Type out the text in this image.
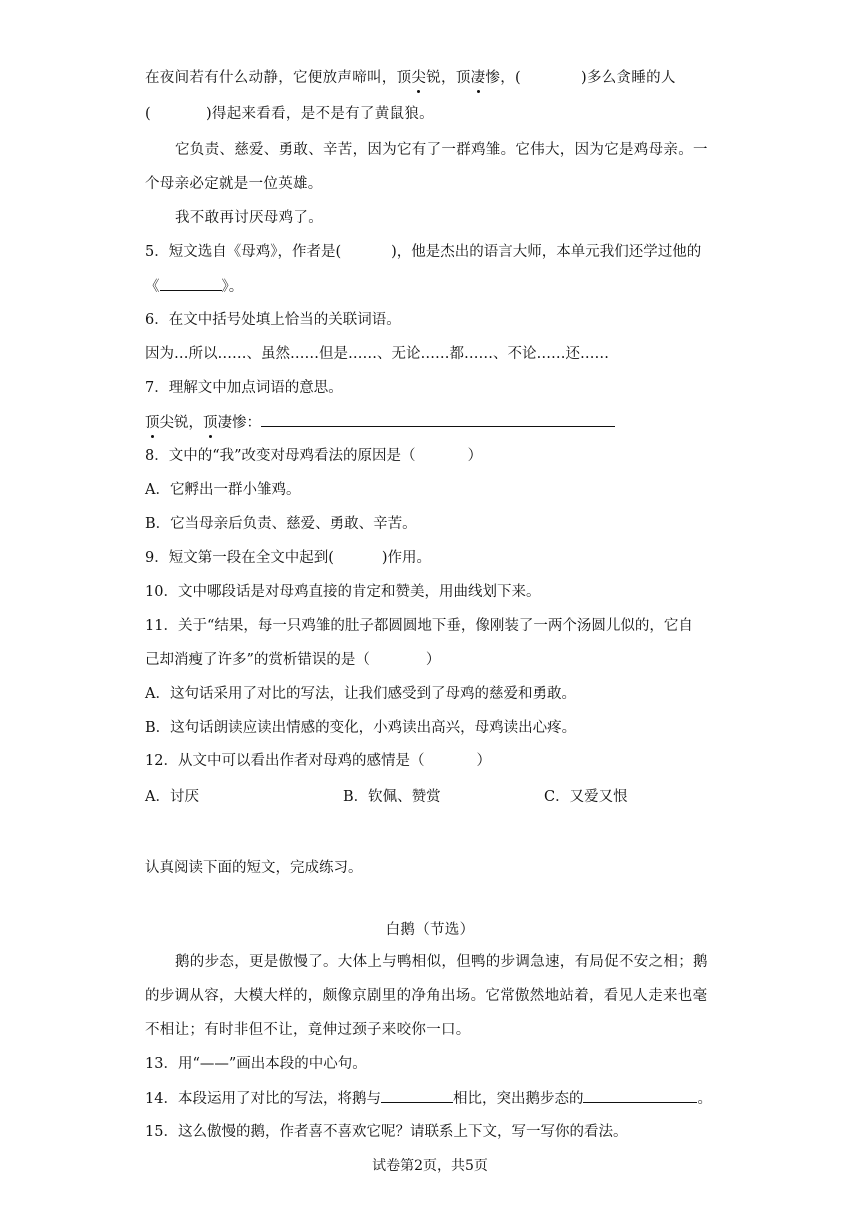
在夜间若有什么动静，它便放声啼叫，顶尖锐，顶凄惨，(	)多么贪睡的人
(	)得起来看看，是不是有了黄鼠狼。
它负责、慈爱、勇敢、辛苦，因为它有了一群鸡雏。它伟大，因为它是鸡母亲。一
个母亲必定就是一位英雄。
我不敢再讨厌母鸡了。
5．短文选自《母鸡》，作者是(	)，他是杰出的语言大师，本单元我们还学过他的
《	》。
6．在文中括号处填上恰当的关联词语。
因为…所以……、虽然……但是……、无论……都……、不论……还……
7．理解文中加点词语的意思。
顶尖锐，顶凄惨：
8．文中的“我”改变对母鸡看法的原因是（	）
A．它孵出一群小雏鸡。
B．它当母亲后负责、慈爱、勇敢、辛苦。
9．短文第一段在全文中起到(	)作用。
10．文中哪段话是对母鸡直接的肯定和赞美，用曲线划下来。
11．关于“结果，每一只鸡雏的肚子都圆圆地下垂，像刚装了一两个汤圆儿似的，它自
己却消瘦了许多”的赏析错误的是（	）
A．这句话采用了对比的写法，让我们感受到了母鸡的慈爱和勇敢。
B．这句话朗读应读出情感的变化，小鸡读出高兴，母鸡读出心疼。
12．从文中可以看出作者对母鸡的感情是（	）
A．讨厌	B．钦佩、赞赏	C．又爱又恨
认真阅读下面的短文，完成练习。
白鹅（节选）
鹅的步态，更是傲慢了。大体上与鸭相似，但鸭的步调急速，有局促不安之相；鹅
的步调从容，大模大样的，颇像京剧里的净角出场。它常傲然地站着，看见人走来也毫
不相让；有时非但不让，竟伸过颈子来咬你一口。
13．用“——”画出本段的中心句。
14．本段运用了对比的写法，将鹅与	相比，突出鹅步态的	。
15．这么傲慢的鹅，作者喜不喜欢它呢？请联系上下文，写一写你的看法。
试卷第2页，共5页
